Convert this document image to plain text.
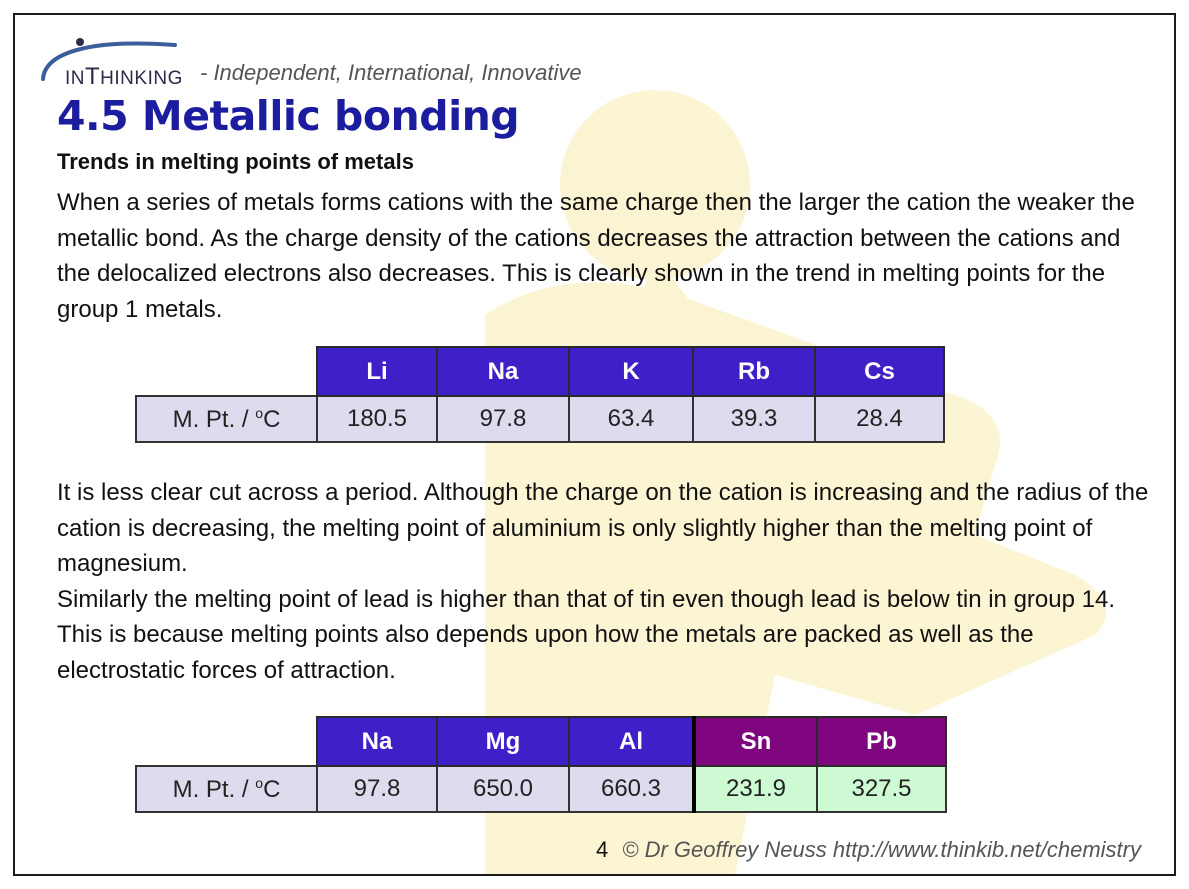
INTHINKING - Independent, International, Innovative
4.5 Metallic bonding
Trends in melting points of metals

When a series of metals forms cations with the same charge then the larger the cation the weaker the metallic bond. As the charge density of the cations decreases the attraction between the cations and the delocalized electrons also decreases. This is clearly shown in the trend in melting points for the group 1 metals.

	Li	Na	K	Rb	Cs
M. Pt. / $^o$C	180.5	97.8	63.4	39.3	28.4
It is less clear cut across a period. Although the charge on the cation is increasing and the radius of the cation is decreasing, the melting point of aluminium is only slightly higher than the melting point of magnesium.
Similarly the melting point of lead is higher than that of tin even though lead is below tin in group 14. This is because melting points also depends upon how the metals are packed as well as the electrostatic forces of attraction.
	Na	Mg	Al	Sn	Pb
M. Pt. / $^o$C	97.8	650.0	660.3	231.9	327.5
4 © Dr Geoffrey Neuss http://www.thinkib.net/chemistry
